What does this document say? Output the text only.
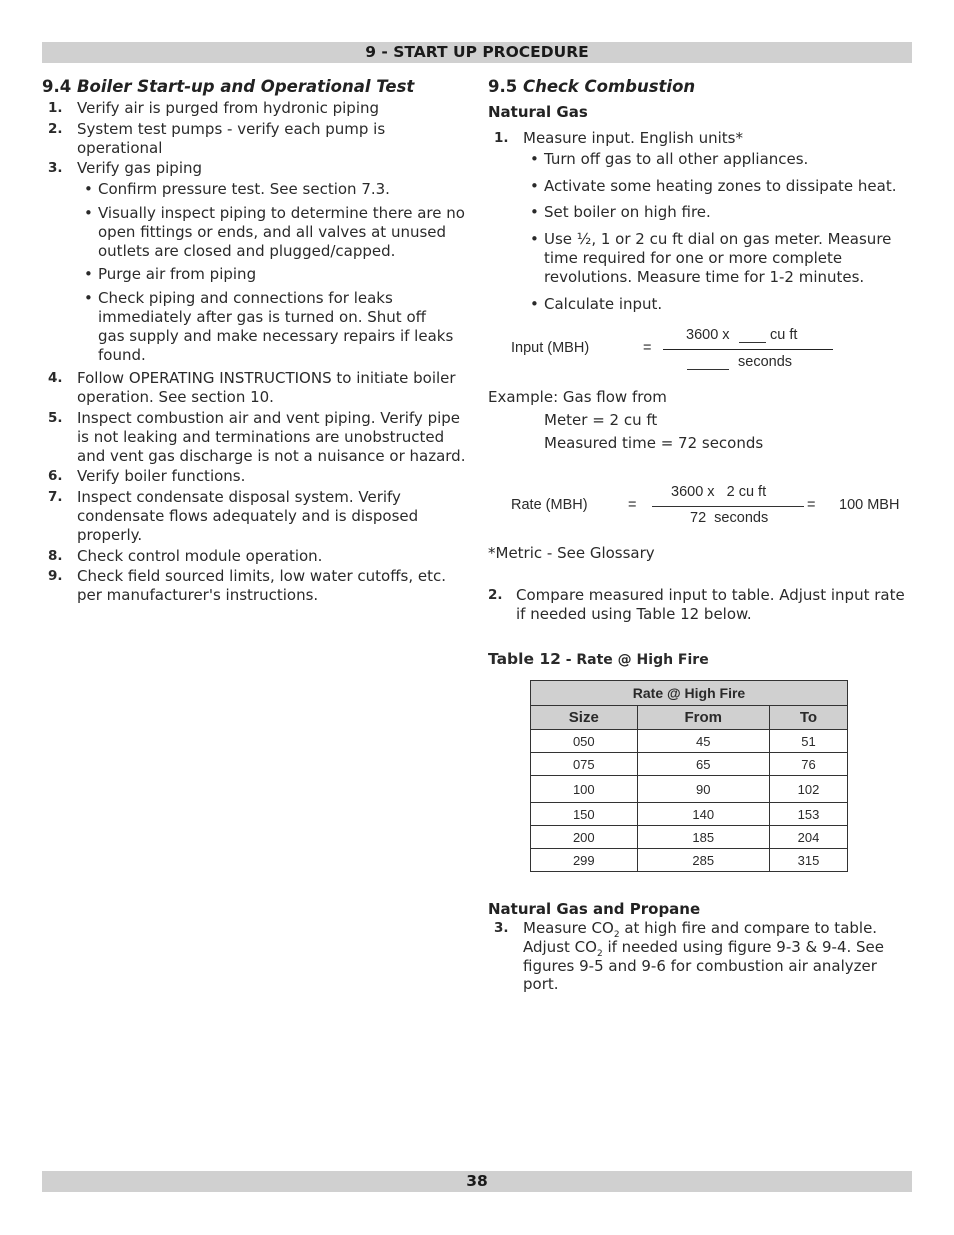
9 - START UP PROCEDURE
38
9.4 Boiler Start-up and Operational Test
1. Verify air is purged from hydronic piping
2. System test pumps - verify each pump is
operational
3. Verify gas piping
• Confirm pressure test. See section 7.3.
• Visually inspect piping to determine there are no
open fittings or ends, and all valves at unused
outlets are closed and plugged/capped.
• Purge air from piping
• Check piping and connections for leaks
immediately after gas is turned on. Shut off
gas supply and make necessary repairs if leaks
found.
4. Follow OPERATING INSTRUCTIONS to initiate boiler
operation. See section 10.
5. Inspect combustion air and vent piping. Verify pipe
is not leaking and terminations are unobstructed
and vent gas discharge is not a nuisance or hazard.
6. Verify boiler functions.
7. Inspect condensate disposal system. Verify
condensate flows adequately and is disposed
properly.
8. Check control module operation.
9. Check field sourced limits, low water cutoffs, etc.
per manufacturer's instructions.
9.5 Check Combustion
Natural Gas
1. Measure input. English units*
• Turn off gas to all other appliances.
• Activate some heating zones to dissipate heat.
• Set boiler on high fire.
• Use ½, 1 or 2 cu ft dial on gas meter. Measure
time required for one or more complete
revolutions. Measure time for 1-2 minutes.
• Calculate input.
Input (MBH)	=
3600 x	cu ft
seconds
Example: Gas flow from
Meter = 2 cu ft
Measured time = 72 seconds
Rate (MBH)	=
3600 x   2 cu ft
72  seconds
= 100 MBH
*Metric - See Glossary
2. Compare measured input to table. Adjust input rate
if needed using Table 12 below.
Table 12 - Rate @ High Fire
Rate @ High Fire		
Size	From	To
050	45	51
075	65	76
100	90	102
150	140	153
200	185	204
299	285	315
Natural Gas and Propane
3. Measure $CO_2$ at high fire and compare to table.
Adjust $CO_2$ if needed using figure 9-3 & 9-4. See
figures 9-5 and 9-6 for combustion air analyzer
port.
